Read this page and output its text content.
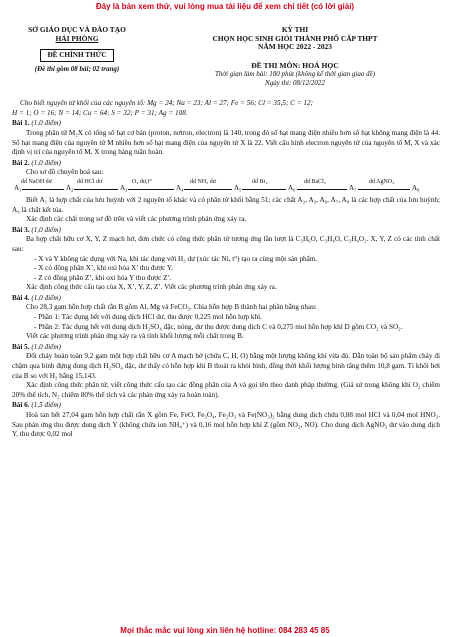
Đây là bản xem thử, vui lòng mua tài liệu để xem chi tiết (có lời giải)
SỞ GIÁO DỤC VÀ ĐÀO TẠO
HẢI PHÒNG
ĐỀ CHÍNH THỨC
(Đề thi gồm 08 bài; 02 trang)
KỲ THI
CHỌN HỌC SINH GIỎI THÀNH PHỐ CẤP THPT
NĂM HỌC 2022 - 2023
ĐỀ THI MÔN: HOÁ HỌC
Thời gian làm bài: 180 phút (không kể thời gian giao đề)
Ngày thi: 08/12/2022

Cho biết nguyên tử khối của các nguyên tố: Mg = 24; Na = 23; Al = 27; Fe = 56; Cl = 35,5; C = 12;

H = 1; O = 16; N = 14; Cu = 64; S = 32; P = 31; Ag = 108.

Bài 1. (1,0 điểm)

Trong phân tử M₂X có tổng số hạt cơ bản (proton, nơtron, electron) là 140, trong đó số hạt mang điện nhiều hơn số hạt không mang điện là 44. Số hạt mang điện của nguyên tử M nhiều hơn số hạt mang điện của nguyên tử X là 22. Viết cấu hình electron nguyên tử của nguyên tố M, X và xác định vị trí của nguyên tố M, X trong bảng tuần hoàn.

Bài 2. (1,0 điểm)

Cho sơ đồ chuyển hoá sau:

A₁
dd NaOH dư
A₂
dd HCl dư
A₃
O₂ dư,t°
A₄
dd NH₃ dư
A₅
dd Br₂
A₆
dd BaCl₂
A₇
dd AgNO₃
A₈

Biết A₁ là hợp chất của lưu huỳnh với 2 nguyên tố khác và có phân tử khối bằng 51; các chất A₂, A₃, A₆, A₇, A₈ là các hợp chất của lưu huỳnh; A₈ là chất kết tủa.

Xác định các chất trong sơ đồ trên và viết các phương trình phản ứng xảy ra.

Bài 3. (1,0 điểm)

Ba hợp chất hữu cơ X, Y, Z mạch hở, đơn chức có công thức phân tử tương ứng lần lượt là C₃H₆O, C₃H₄O, C₃H₄O₂. X, Y, Z có các tính chất sau:

- X và Y không tác dụng với Na, khi tác dụng với H₂ dư (xúc tác Ni, t°) tạo ra cùng một sản phẩm.

- X có đồng phân X’, khi oxi hóa X’ thu được Y.

- Z có đồng phân Z’, khi oxi hóa Y thu được Z’.

Xác định công thức cấu tạo của X, X’, Y, Z, Z’. Viết các phương trình phản ứng xảy ra.

Bài 4. (1,0 điểm)

Cho 28,3 gam hỗn hợp chất rắn B gồm Al, Mg và FeCO₃. Chia hỗn hợp B thành hai phần bằng nhau:

- Phần 1: Tác dụng hết với dung dịch HCl dư, thu được 0,225 mol hỗn hợp khí.

- Phần 2: Tác dụng hết với dung dịch H₂SO₄ đặc, nóng, dư thu được dung dịch C và 0,275 mol hỗn hợp khí D gồm CO₂ và SO₂.

Viết các phương trình phản ứng xảy ra và tính khối lượng mỗi chất trong B.

Bài 5. (1,0 điểm)

Đốt cháy hoàn toàn 9,2 gam một hợp chất hữu cơ A mạch hở (chứa C, H, O) bằng một lượng không khí vừa đủ. Dẫn toàn bộ sản phẩm cháy đi chậm qua bình đựng dung dịch H₂SO₄ đặc, dư thấy có hỗn hợp khí B thoát ra khỏi bình, đồng thời khối lượng bình tăng thêm 10,8 gam. Tỉ khối hơi của B so với H₂ bằng 15,143.

Xác định công thức phân tử, viết công thức cấu tạo các đồng phân của A và gọi tên theo danh pháp thường. (Giả sử trong không khí O₂ chiếm 20% thể tích, N₂ chiếm 80% thể tích và các phản ứng xảy ra hoàn toàn).

Bài 6. (1,5 điểm)

Hoà tan hết 27,04 gam hỗn hợp chất rắn X gồm Fe, FeO, Fe₃O₄, Fe₂O₃ và Fe(NO₃)₂ bằng dung dịch chứa 0,88 mol HCl và 0,04 mol HNO₃. Sau phản ứng thu được dung dịch Y (không chứa ion NH₄⁺) và 0,16 mol hỗn hợp khí Z (gồm NO₂, NO). Cho dung dịch AgNO₃ dư vào dung dịch Y, thu được 0,02 mol

Mọi thắc mắc vui lòng xin liên hệ hotline: 084 283 45 85
